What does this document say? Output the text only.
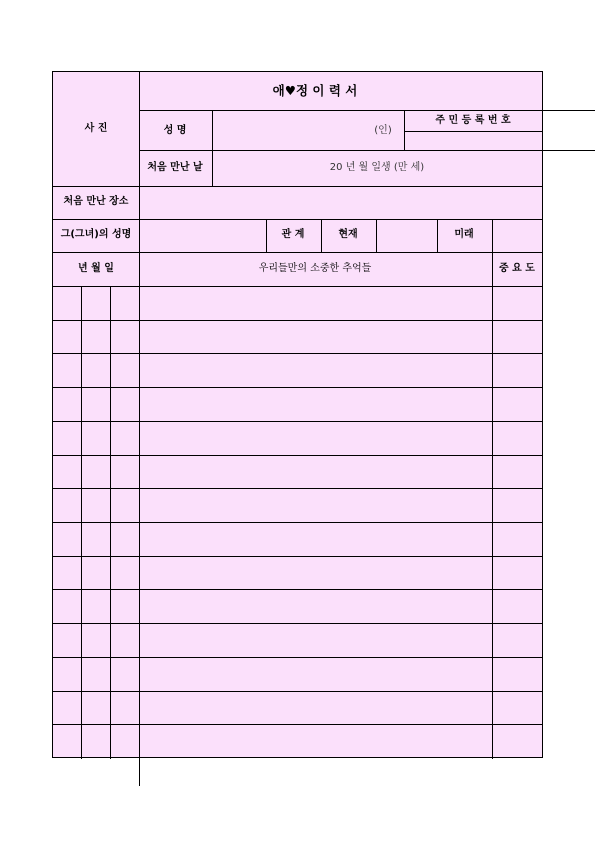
사 진
애♥정 이 력 서
성 명	(인)
주 민 등 록 번 호
처음 만난 날	20 년 월 일생 (만 세)
처음 만난 장소
그(그녀)의 성명	관 계	현재	미래
년 월 일	우리들만의 소중한 추억들	중 요 도
